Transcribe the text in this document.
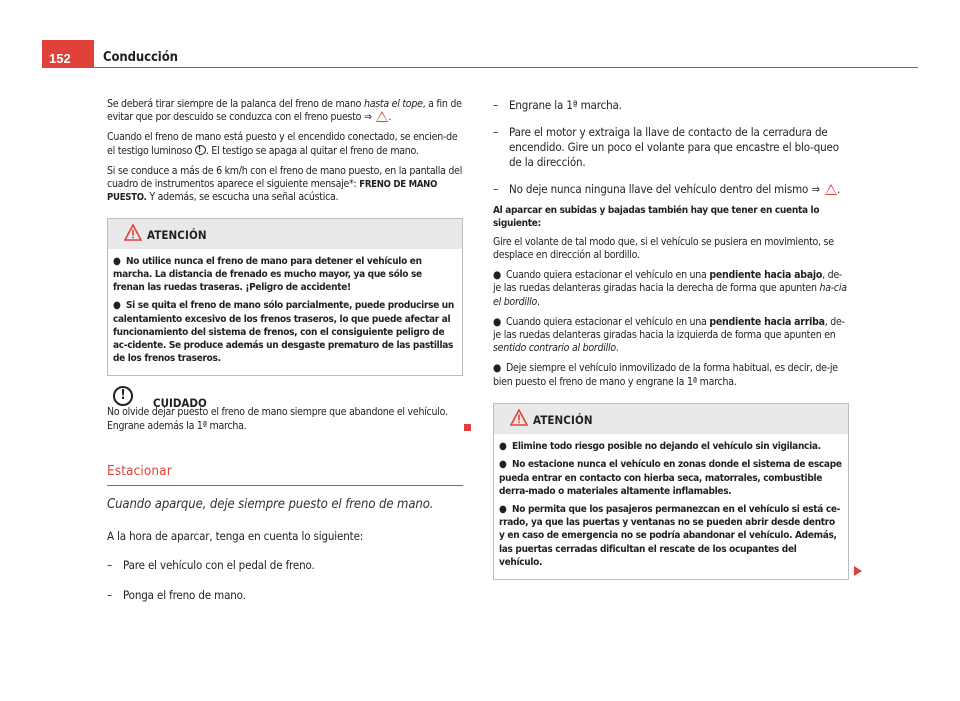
152	Conducción

Se deberá tirar siempre de la palanca del freno de mano hasta el tope, a fin de evitar que por descuido se conduzca con el freno puesto ⇒ .

Cuando el freno de mano está puesto y el encendido conectado, se encien-de el testigo luminoso !. El testigo se apaga al quitar el freno de mano.

Si se conduce a más de 6 km/h con el freno de mano puesto, en la pantalla del cuadro de instrumentos aparece el siguiente mensaje*: FRENO DE MANO PUESTO. Y además, se escucha una señal acústica.

ATENCIÓN

● No utilice nunca el freno de mano para detener el vehículo en marcha. La distancia de frenado es mucho mayor, ya que sólo se frenan las ruedas traseras. ¡Peligro de accidente!

● Si se quita el freno de mano sólo parcialmente, puede producirse un calentamiento excesivo de los frenos traseros, lo que puede afectar al funcionamiento del sistema de frenos, con el consiguiente peligro de ac-cidente. Se produce además un desgaste prematuro de las pastillas de los frenos traseros.

!	CUIDADO
No olvide dejar puesto el freno de mano siempre que abandone el vehículo. Engrane además la 1ª marcha.
Estacionar
Cuando aparque, deje siempre puesto el freno de mano.
A la hora de aparcar, tenga en cuenta lo siguiente:
– Pare el vehículo con el pedal de freno.
– Ponga el freno de mano.
– Engrane la 1ª marcha.
– Pare el motor y extraiga la llave de contacto de la cerradura de encendido. Gire un poco el volante para que encastre el blo-queo de la dirección.
– No deje nunca ninguna llave del vehículo dentro del mismo ⇒ .
Al aparcar en subidas y bajadas también hay que tener en cuenta lo siguiente:

Gire el volante de tal modo que, si el vehículo se pusiera en movimiento, se desplace en dirección al bordillo.

● Cuando quiera estacionar el vehículo en una pendiente hacia abajo, de-je las ruedas delanteras giradas hacia la derecha de forma que apunten ha-cia el bordillo.

● Cuando quiera estacionar el vehículo en una pendiente hacia arriba, de-je las ruedas delanteras giradas hacia la izquierda de forma que apunten en sentido contrario al bordillo.

● Deje siempre el vehículo inmovilizado de la forma habitual, es decir, de-je bien puesto el freno de mano y engrane la 1ª marcha.

ATENCIÓN

● Elimine todo riesgo posible no dejando el vehículo sin vigilancia.

● No estacione nunca el vehículo en zonas donde el sistema de escape pueda entrar en contacto con hierba seca, matorrales, combustible derra-mado o materiales altamente inflamables.

● No permita que los pasajeros permanezcan en el vehículo si está ce-rrado, ya que las puertas y ventanas no se pueden abrir desde dentro y en caso de emergencia no se podría abandonar el vehículo. Además, las puertas cerradas dificultan el rescate de los ocupantes del vehículo.
